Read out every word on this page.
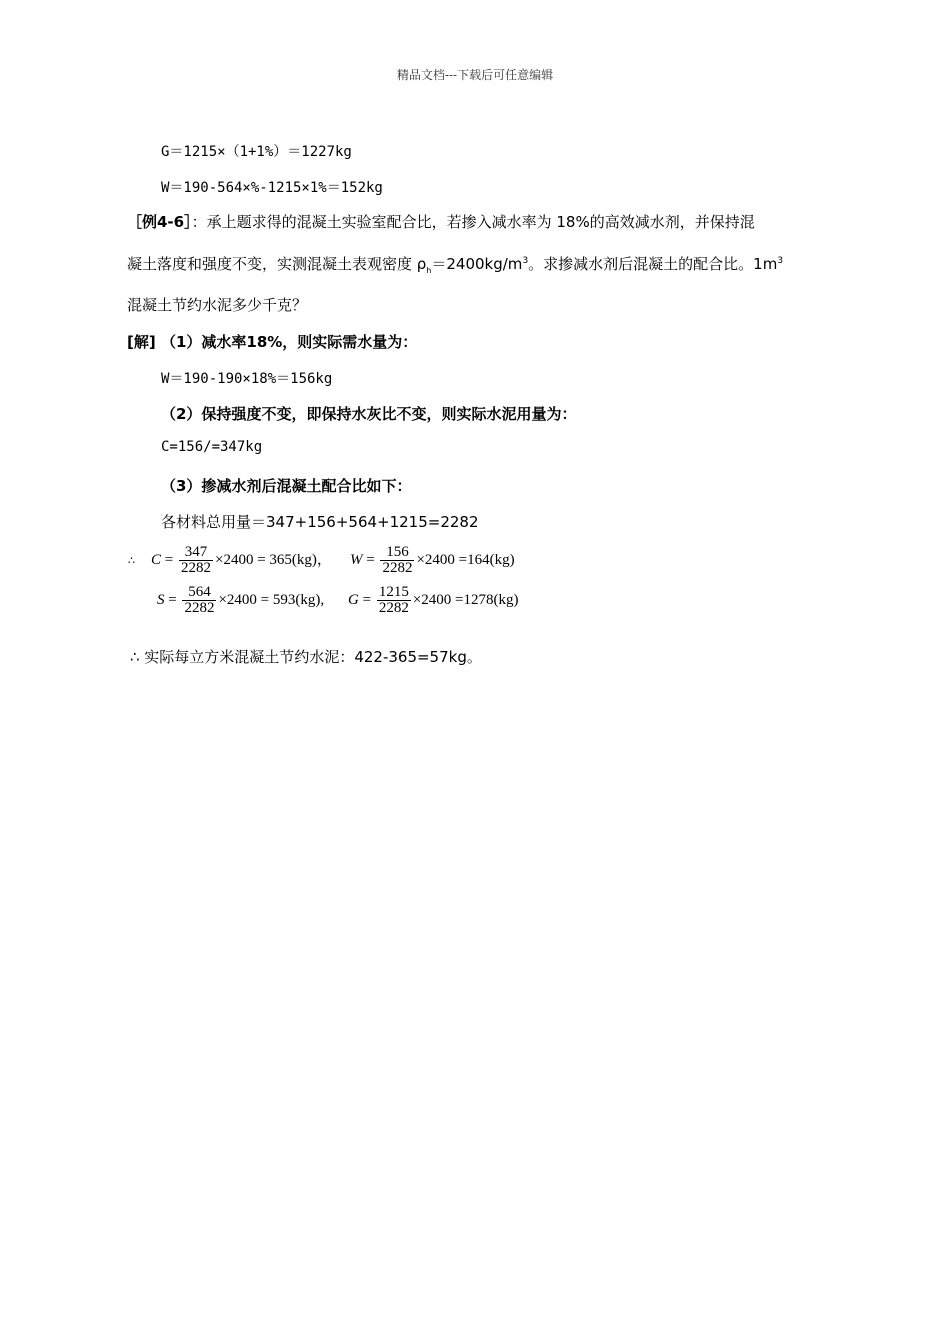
精品文档---下载后可任意编辑
G＝1215×（1+1%）＝1227kg
W＝190-564×%-1215×1%＝152kg
［例4-6］：承上题求得的混凝土实验室配合比，若掺入减水率为 18%的高效减水剂，并保持混
凝土落度和强度不变，实测混凝土表观密度 $\rho_h=2400kg/m^3$。求掺减水剂后混凝土的配合比。$1m^3$
混凝土节约水泥多少千克？
[解] （1）减水率18%，则实际需水量为：
W＝190-190×18%＝156kg
（2）保持强度不变，即保持水灰比不变，则实际水泥用量为：
C=156/=347kg
（3）掺减水剂后混凝土配合比如下：
各材料总用量＝347+156+564+1215=2282
∴ $C = \frac{347}{2282} \times 2400 = 365(kg)$， $W = \frac{156}{2282} \times 2400 =164(kg)$
$S = \frac{564}{2282} \times 2400 = 593(kg)$, $G = \frac{1215}{2282} \times 2400 =1278(kg)$
∴ 实际每立方米混凝土节约水泥：422-365=57kg。
